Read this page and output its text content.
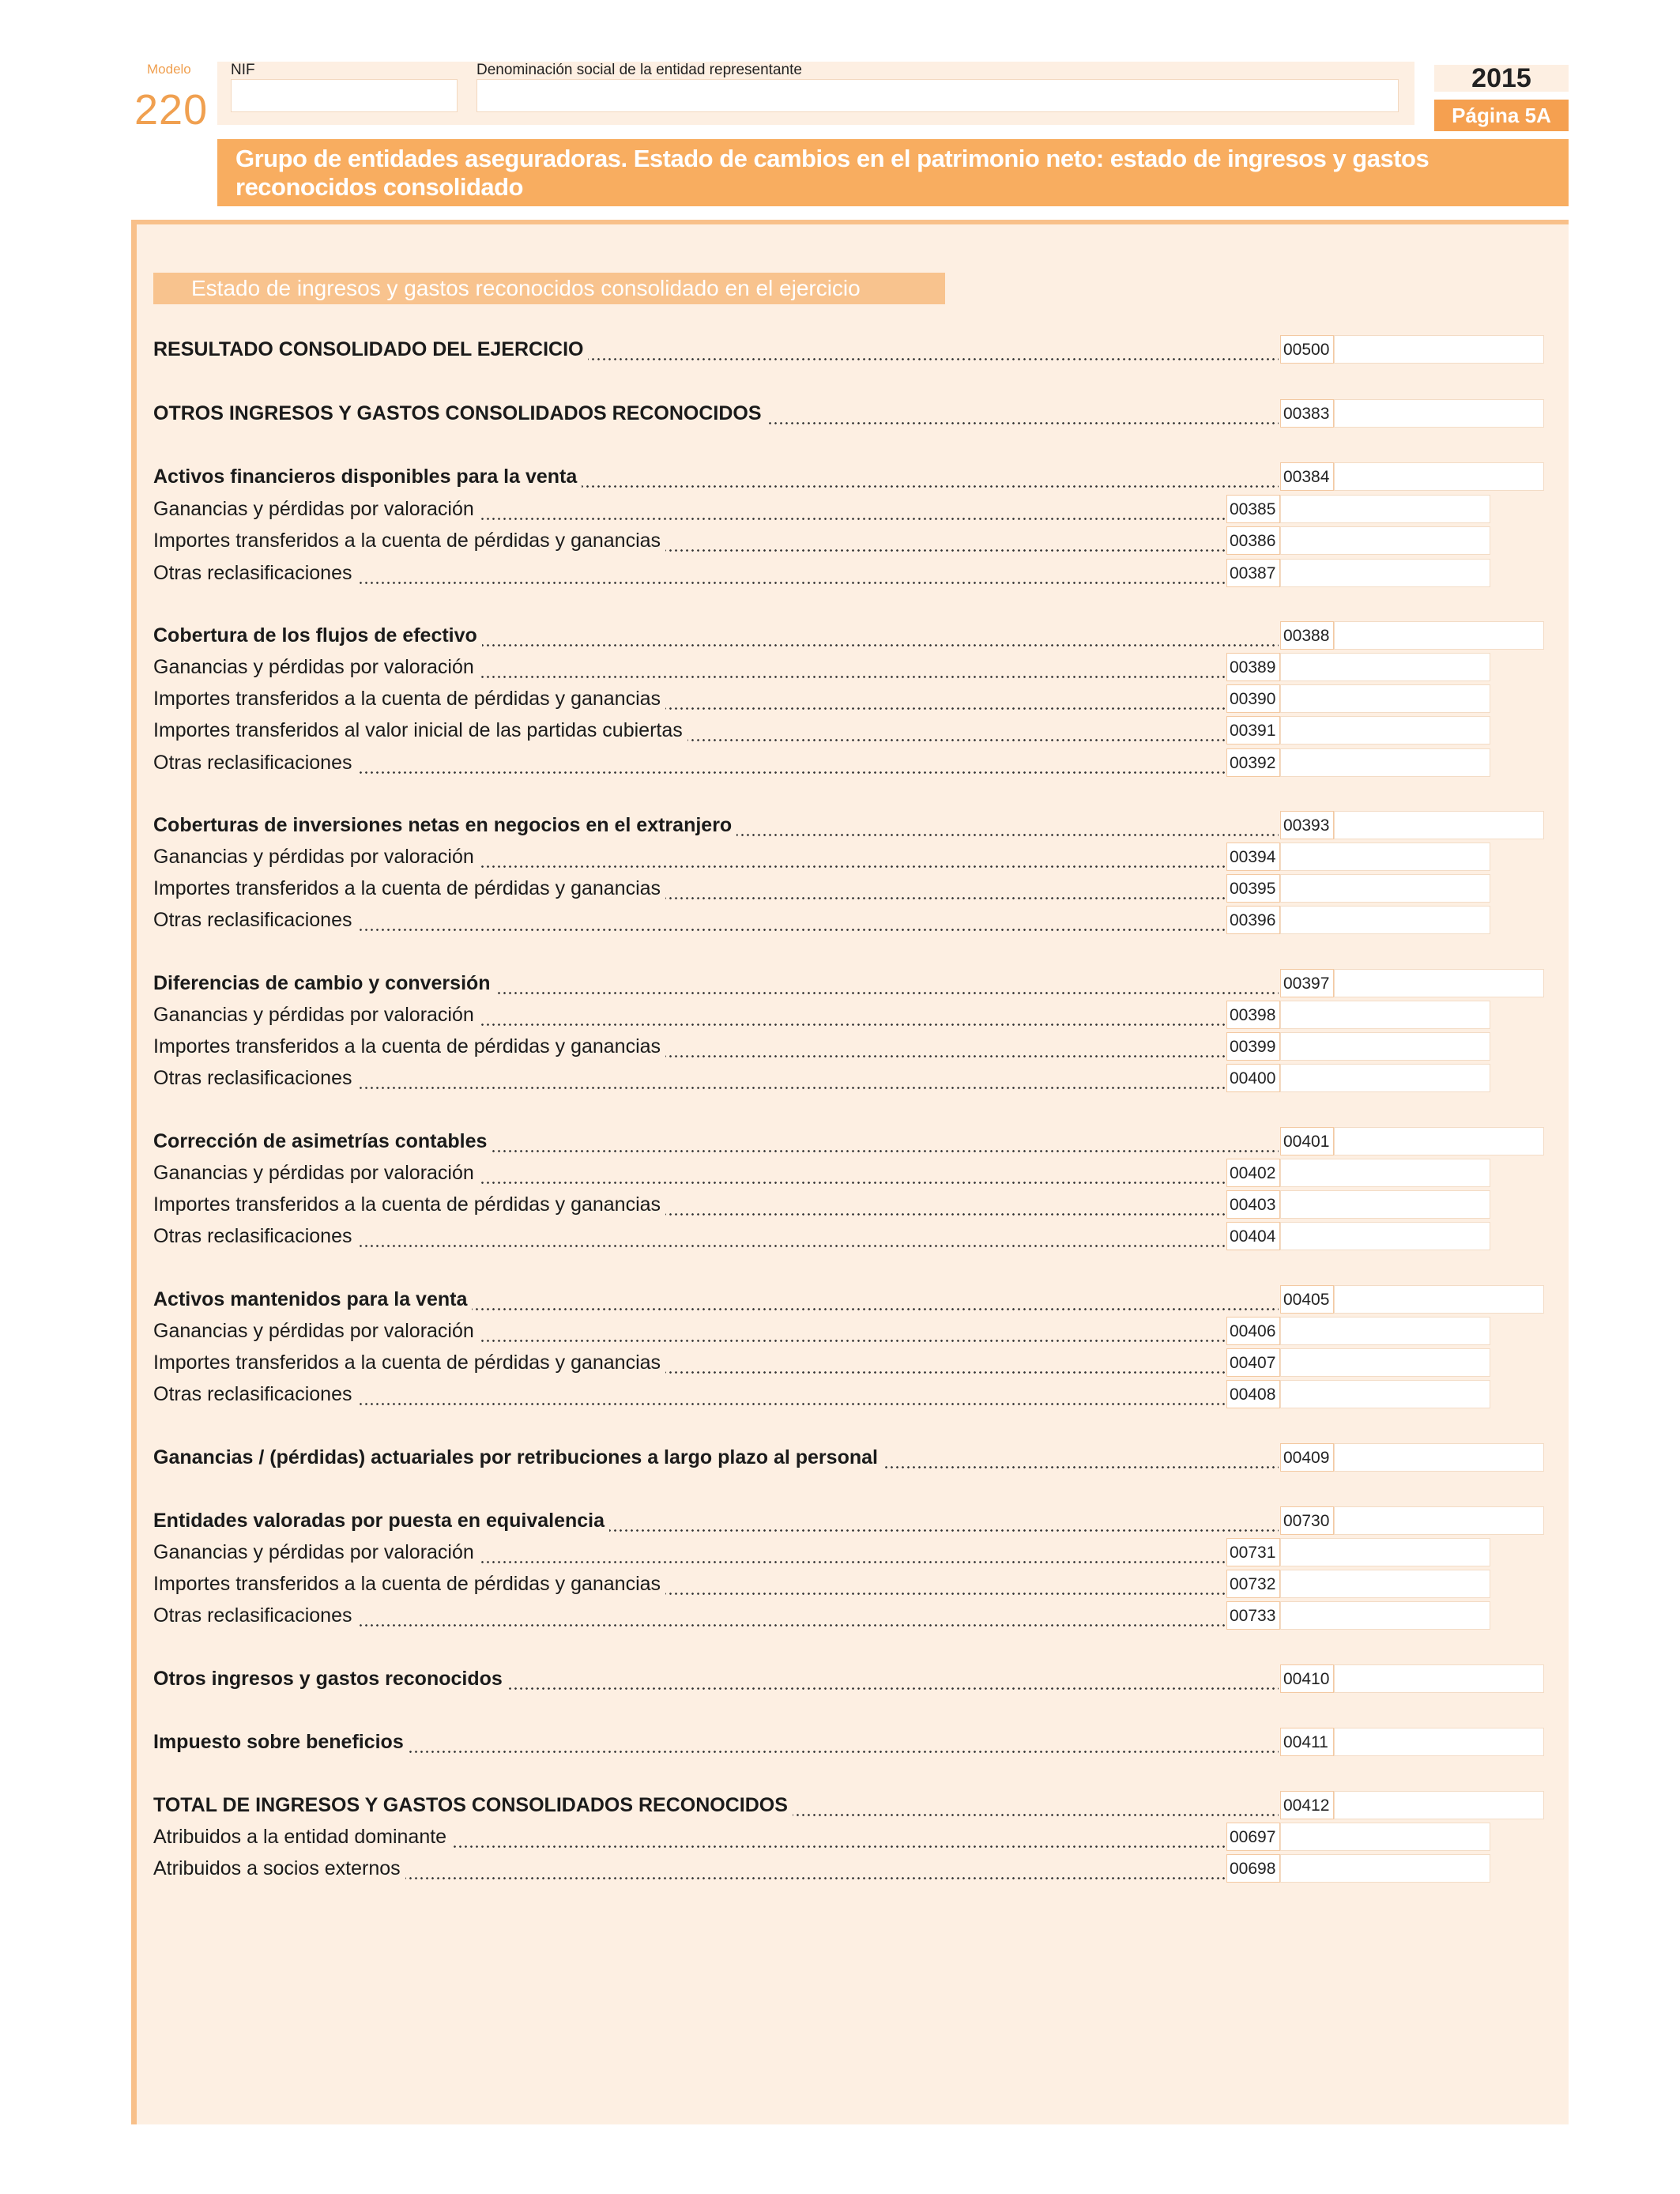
Modelo
220
NIF	Denominación social de la entidad representante	2015
Página 5A
Grupo de entidades aseguradoras. Estado de cambios en el patrimonio neto: estado de ingresos y gastos reconocidos consolidado
Estado de ingresos y gastos reconocidos consolidado en el ejercicio
RESULTADO CONSOLIDADO DEL EJERCICIO	00500
OTROS INGRESOS Y GASTOS CONSOLIDADOS RECONOCIDOS	00383
Activos financieros disponibles para la venta	00384
Ganancias y pérdidas por valoración	00385
Importes transferidos a la cuenta de pérdidas y ganancias	00386
Otras reclasificaciones	00387
Cobertura de los flujos de efectivo	00388
Ganancias y pérdidas por valoración	00389
Importes transferidos a la cuenta de pérdidas y ganancias	00390
Importes transferidos al valor inicial de las partidas cubiertas	00391
Otras reclasificaciones	00392
Coberturas de inversiones netas en negocios en el extranjero	00393
Ganancias y pérdidas por valoración	00394
Importes transferidos a la cuenta de pérdidas y ganancias	00395
Otras reclasificaciones	00396
Diferencias de cambio y conversión	00397
Ganancias y pérdidas por valoración	00398
Importes transferidos a la cuenta de pérdidas y ganancias	00399
Otras reclasificaciones	00400
Corrección de asimetrías contables	00401
Ganancias y pérdidas por valoración	00402
Importes transferidos a la cuenta de pérdidas y ganancias	00403
Otras reclasificaciones	00404
Activos mantenidos para la venta	00405
Ganancias y pérdidas por valoración	00406
Importes transferidos a la cuenta de pérdidas y ganancias	00407
Otras reclasificaciones	00408
Ganancias / (pérdidas) actuariales por retribuciones a largo plazo al personal	00409
Entidades valoradas por puesta en equivalencia	00730
Ganancias y pérdidas por valoración	00731
Importes transferidos a la cuenta de pérdidas y ganancias	00732
Otras reclasificaciones	00733
Otros ingresos y gastos reconocidos	00410
Impuesto sobre beneficios	00411
TOTAL DE INGRESOS Y GASTOS CONSOLIDADOS RECONOCIDOS	00412
Atribuidos a la entidad dominante	00697
Atribuidos a socios externos	00698
